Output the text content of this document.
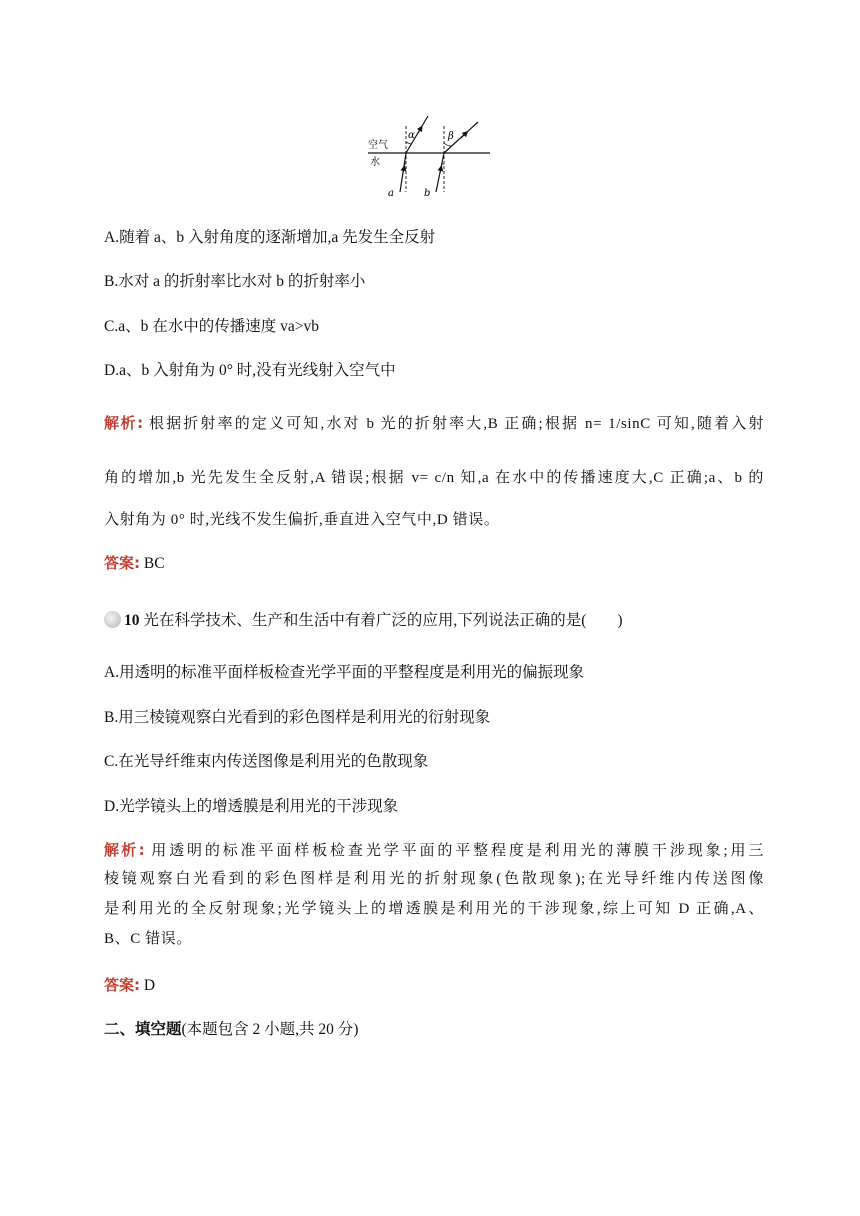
空气
水
α	β
a	b
A.随着 a、b 入射角度的逐渐增加,a 先发生全反射
B.水对 a 的折射率比水对 b 的折射率小
C.a、b 在水中的传播速度 va>vb
D.a、b 入射角为 0° 时,没有光线射入空气中
解析: 根据折射率的定义可知,水对 b 光的折射率大,B 正确;根据 n= 1/sinC 可知,随着入射
角的增加,b 光先发生全反射,A 错误;根据 v= c/n 知,a 在水中的传播速度大,C 正确;a、b 的
入射角为 0° 时,光线不发生偏折,垂直进入空气中,D 错误。
答案: BC
10 光在科学技术、生产和生活中有着广泛的应用,下列说法正确的是(　　)
A.用透明的标准平面样板检查光学平面的平整程度是利用光的偏振现象
B.用三棱镜观察白光看到的彩色图样是利用光的衍射现象
C.在光导纤维束内传送图像是利用光的色散现象
D.光学镜头上的增透膜是利用光的干涉现象
解析: 用透明的标准平面样板检查光学平面的平整程度是利用光的薄膜干涉现象;用三
棱镜观察白光看到的彩色图样是利用光的折射现象(色散现象);在光导纤维内传送图像
是利用光的全反射现象;光学镜头上的增透膜是利用光的干涉现象,综上可知 D 正确,A、
B、C 错误。
答案: D
二、填空题(本题包含 2 小题,共 20 分)
